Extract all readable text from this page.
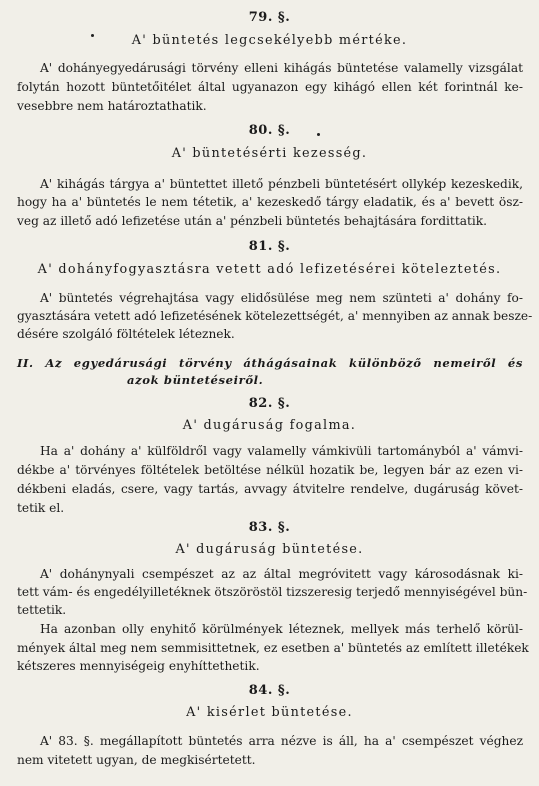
79. §.
A' büntetés legcsekélyebb mértéke.
A' dohányegyedárusági törvény elleni kihágás büntetése valamelly vizsgálat
folytán hozott büntetőitélet által ugyanazon egy kihágó ellen két forintnál ke-
vesebbre nem határoztathatik.
80. §.
A' büntetésérti kezesség.
A' kihágás tárgya a' büntettet illető pénzbeli büntetésért ollykép kezeskedik,
hogy ha a' büntetés le nem tétetik, a' kezeskedő tárgy eladatik, és a' bevett ösz-
veg az illető adó lefizetése után a' pénzbeli büntetés behajtására fordittatik.
81. §.
A' dohányfogyasztásra vetett adó lefizetésérei köteleztetés.
A' büntetés végrehajtása vagy elidősülése meg nem szünteti a' dohány fo-
gyasztására vetett adó lefizetésének kötelezettségét, a' mennyiben az annak besze-
désére szolgáló föltételek léteznek.
II. Az egyedárusági törvény áthágásainak különböző nemeiről és
azok büntetéseiről.
82. §.
A' dugáruság fogalma.
Ha a' dohány a' külföldről vagy valamelly vámkivüli tartományból a' vámvi-
dékbe a' törvényes föltételek betöltése nélkül hozatik be, legyen bár az ezen vi-
dékbeni eladás, csere, vagy tartás, avvagy átvitelre rendelve, dugáruság követ-
tetik el.
83. §.
A' dugáruság büntetése.
A' dohánynyali csempészet az az által megróvitett vagy károsodásnak ki-
tett vám- és engedélyilletéknek ötszöröstöl tizszeresig terjedő mennyiségével bün-
tettetik.
Ha azonban olly enyhitő körülmények léteznek, mellyek más terhelő körül-
mények által meg nem semmisittetnek, ez esetben a' büntetés az említett illetékek
kétszeres mennyiségeig enyhíttethetik.
84. §.
A' kisérlet büntetése.
A' 83. §. megállapított büntetés arra nézve is áll, ha a' csempészet véghez
nem vitetett ugyan, de megkisértetett.
